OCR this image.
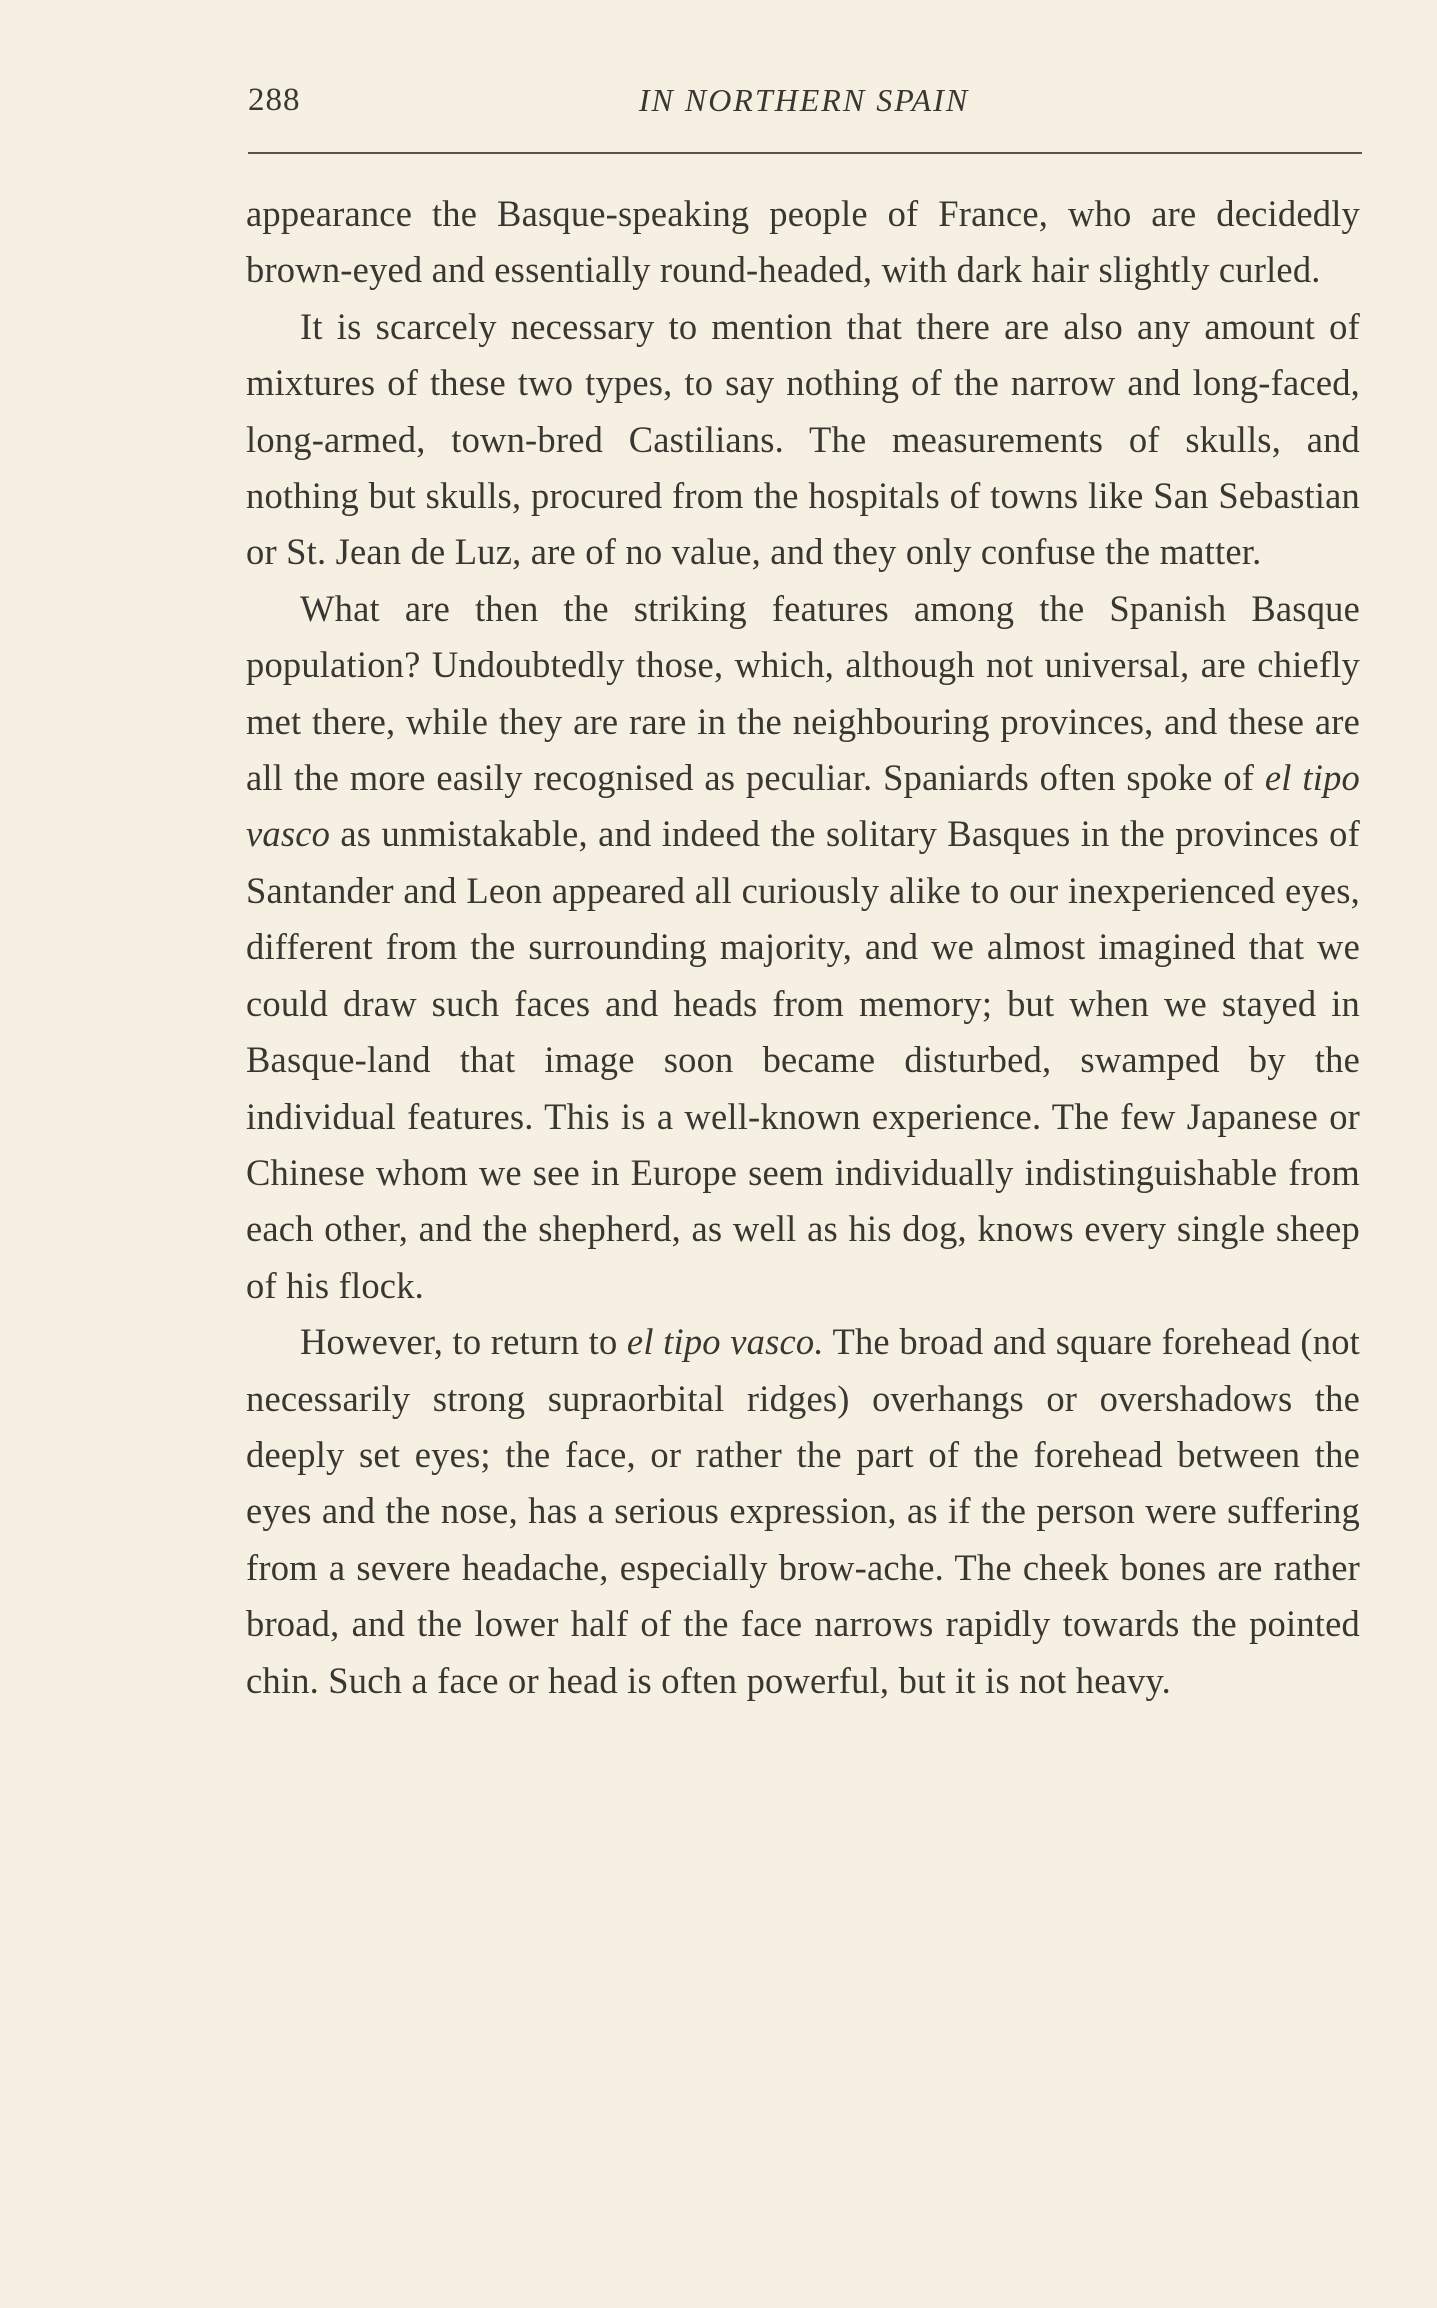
288	IN NORTHERN SPAIN

appearance the Basque-speaking people of France, who are decidedly brown-eyed and essentially round-headed, with dark hair slightly curled.

It is scarcely necessary to mention that there are also any amount of mixtures of these two types, to say nothing of the narrow and long-faced, long-armed, town-bred Castilians. The measurements of skulls, and nothing but skulls, procured from the hospitals of towns like San Sebastian or St. Jean de Luz, are of no value, and they only confuse the matter.

What are then the striking features among the Spanish Basque population? Undoubtedly those, which, although not universal, are chiefly met there, while they are rare in the neighbouring provinces, and these are all the more easily recognised as peculiar. Spaniards often spoke of el tipo vasco as unmistakable, and indeed the solitary Basques in the provinces of Santander and Leon appeared all curiously alike to our inexperienced eyes, different from the surrounding majority, and we almost imagined that we could draw such faces and heads from memory; but when we stayed in Basque-land that image soon became disturbed, swamped by the individual features. This is a well-known experience. The few Japanese or Chinese whom we see in Europe seem individually indistinguishable from each other, and the shepherd, as well as his dog, knows every single sheep of his flock.

However, to return to el tipo vasco. The broad and square forehead (not necessarily strong supraorbital ridges) overhangs or overshadows the deeply set eyes; the face, or rather the part of the forehead between the eyes and the nose, has a serious expression, as if the person were suffering from a severe headache, especially brow-ache. The cheek bones are rather broad, and the lower half of the face narrows rapidly towards the pointed chin. Such a face or head is often powerful, but it is not heavy.
